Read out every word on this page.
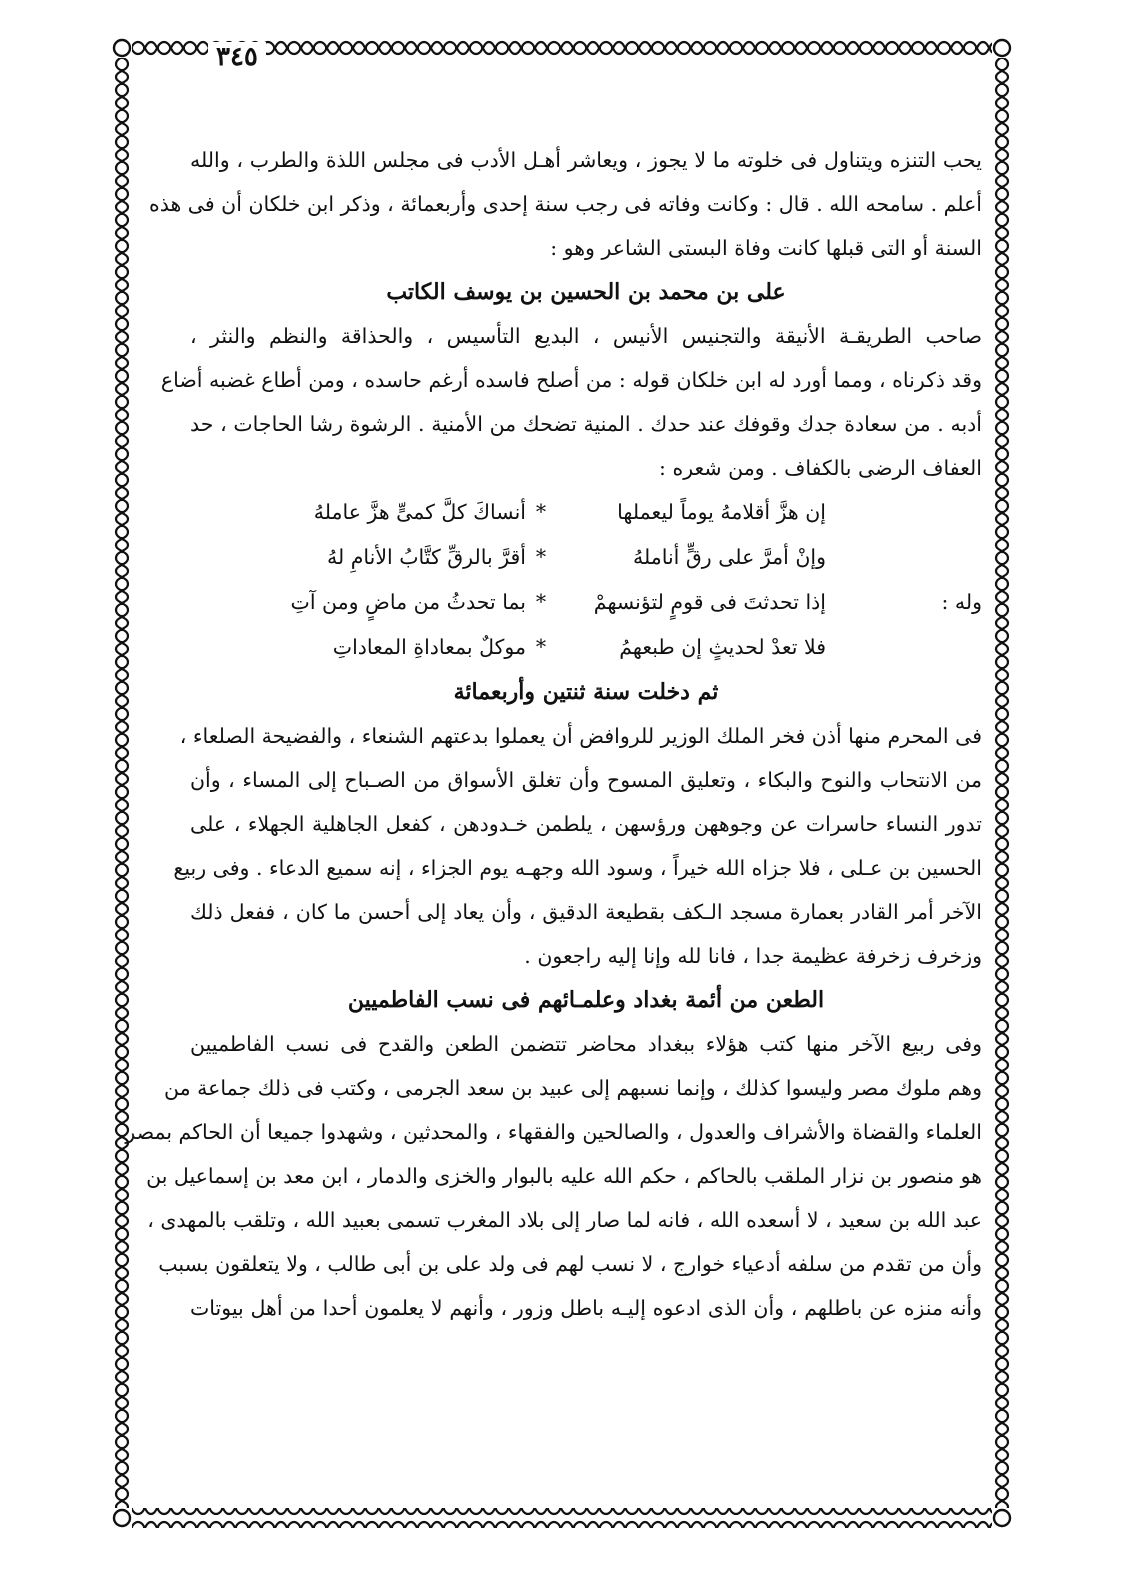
٣٤٥

يحب التنزه ويتناول فى خلوته ما لا يجوز ، ويعاشر أهـل الأدب فى مجلس اللذة والطرب ، والله
أعلم . سامحه الله . قال : وكانت وفاته فى رجب سنة إحدى وأربعمائة ، وذكر ابن خلكان أن فى هذه
السنة أو التى قبلها كانت وفاة البستى الشاعر وهو :

على بن محمد بن الحسين بن يوسف الكاتب

صاحب الطريقـة الأنيقة والتجنيس الأنيس ، البديع التأسيس ، والحذاقة والنظم والنثر ،
وقد ذكرناه ، ومما أورد له ابن خلكان قوله : من أصلح فاسده أرغم حاسده ، ومن أطاع غضبه أضاع
أدبه . من سعادة جدك وقوفك عند حدك . المنية تضحك من الأمنية . الرشوة رشا الحاجات ، حد
العفاف الرضى بالكفاف . ومن شعره :

إن هزَّ أقلامهُ يوماً ليعملها
*
أنساكَ كلَّ كمىٍّ هزَّ عاملهُ
وإنْ أمرَّ على رقٍّ أناملهُ
*
أقرَّ بالرقِّ كتَّابُ الأنامِ لهُ
وله :
إذا تحدثتَ فى قومٍ لتؤنسهمْ
*
بما تحدثُ من ماضٍ ومن آتِ
فلا تعدْ لحديثٍ إن طبعهمُ
*
موكلٌ بمعاداةِ المعاداتِ
ثم دخلت سنة ثنتين وأربعمائة

فى المحرم منها أذن فخر الملك الوزير للروافض أن يعملوا بدعتهم الشنعاء ، والفضيحة الصلعاء ،
من الانتحاب والنوح والبكاء ، وتعليق المسوح وأن تغلق الأسواق من الصـباح إلى المساء ، وأن
تدور النساء حاسرات عن وجوههن ورؤسهن ، يلطمن خـدودهن ، كفعل الجاهلية الجهلاء ، على
الحسين بن عـلى ، فلا جزاه الله خيراً ، وسود الله وجهـه يوم الجزاء ، إنه سميع الدعاء . وفى ربيع
الآخر أمر القادر بعمارة مسجد الـكف بقطيعة الدقيق ، وأن يعاد إلى أحسن ما كان ، ففعل ذلك
وزخرف زخرفة عظيمة جدا ، فانا لله وإنا إليه راجعون .

الطعن من أئمة بغداد وعلمـائهم فى نسب الفاطميين

وفى ربيع الآخر منها كتب هؤلاء ببغداد محاضر تتضمن الطعن والقدح فى نسب الفاطميين
وهم ملوك مصر وليسوا كذلك ، وإنما نسبهم إلى عبيد بن سعد الجرمى ، وكتب فى ذلك جماعة من
العلماء والقضاة والأشراف والعدول ، والصالحين والفقهاء ، والمحدثين ، وشهدوا جميعا أن الحاكم بمصر
هو منصور بن نزار الملقب بالحاكم ، حكم الله عليه بالبوار والخزى والدمار ، ابن معد بن إسماعيل بن
عبد الله بن سعيد ، لا أسعده الله ، فانه لما صار إلى بلاد المغرب تسمى بعبيد الله ، وتلقب بالمهدى ،
وأن من تقدم من سلفه أدعياء خوارج ، لا نسب لهم فى ولد على بن أبى طالب ، ولا يتعلقون بسبب
وأنه منزه عن باطلهم ، وأن الذى ادعوه إليـه باطل وزور ، وأنهم لا يعلمون أحدا من أهل بيوتات
